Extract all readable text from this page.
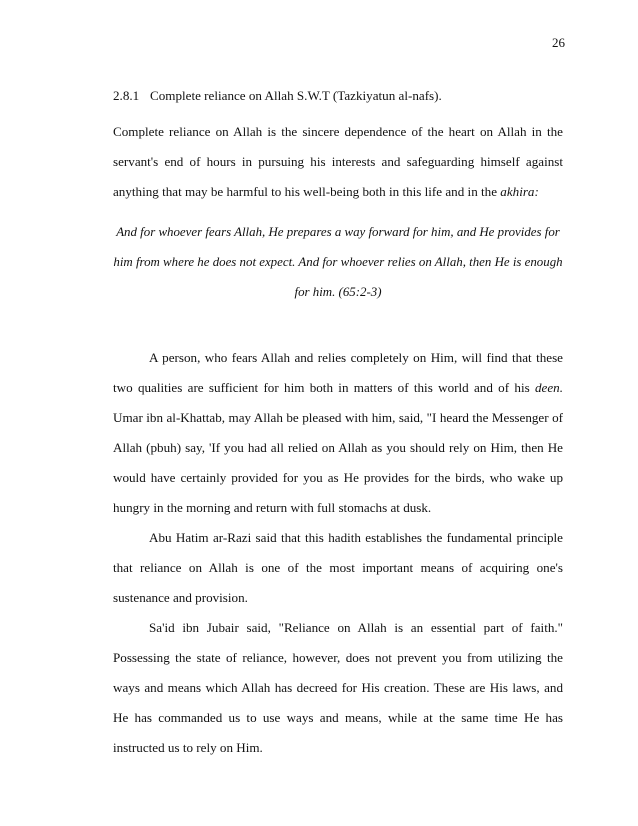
26
2.8.1 Complete reliance on Allah S.W.T (Tazkiyatun al-nafs).

Complete reliance on Allah is the sincere dependence of the heart on Allah in the servant's end of hours in pursuing his interests and safeguarding himself against anything that may be harmful to his well-being both in this life and in the akhira:

And for whoever fears Allah, He prepares a way forward for him, and He provides for him from where he does not expect. And for whoever relies on Allah, then He is enough for him. (65:2-3)

A person, who fears Allah and relies completely on Him, will find that these two qualities are sufficient for him both in matters of this world and of his deen. Umar ibn al-Khattab, may Allah be pleased with him, said, "I heard the Messenger of Allah (pbuh) say, 'If you had all relied on Allah as you should rely on Him, then He would have certainly provided for you as He provides for the birds, who wake up hungry in the morning and return with full stomachs at dusk.

Abu Hatim ar-Razi said that this hadith establishes the fundamental principle that reliance on Allah is one of the most important means of acquiring one's sustenance and provision.

Sa'id ibn Jubair said, "Reliance on Allah is an essential part of faith." Possessing the state of reliance, however, does not prevent you from utilizing the ways and means which Allah has decreed for His creation. These are His laws, and He has commanded us to use ways and means, while at the same time He has instructed us to rely on Him.
